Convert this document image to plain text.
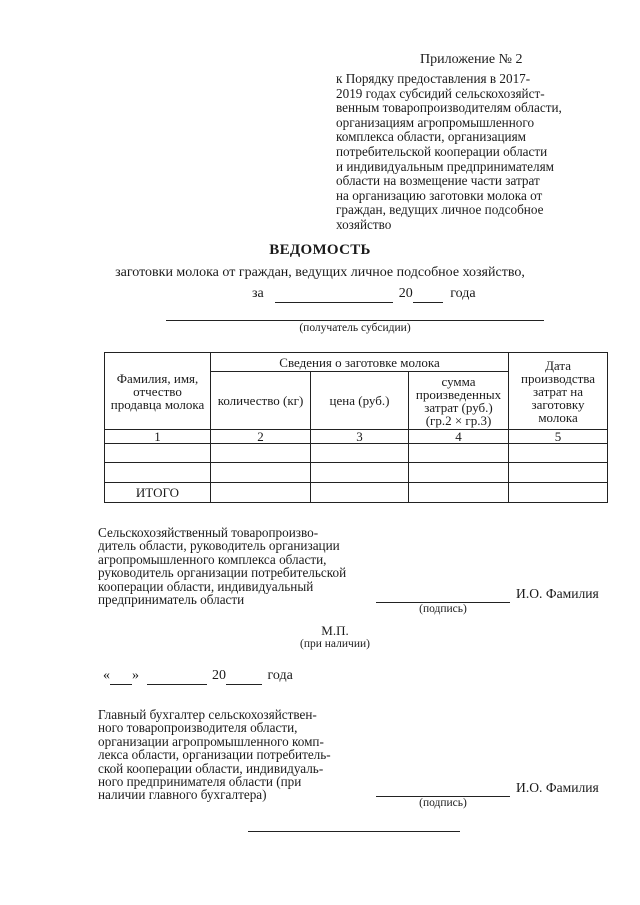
Приложение № 2
к Порядку предоставления в 2017-
2019 годах субсидий сельскохозяйст-
венным товаропроизводителям области,
организациям агропромышленного
комплекса области, организациям
потребительской кооперации области
и индивидуальным предпринимателям
области на возмещение части затрат
на организацию заготовки молока от
граждан, ведущих личное подсобное
хозяйство
ВЕДОМОСТЬ
заготовки молока от граждан, ведущих личное подсобное хозяйство,
за	20	года
(получатель субсидии)
Фамилия, имя, отчество продавца молока	Сведения о заготовке молока			Дата производства затрат на заготовку молока
	количество (кг)	цена (руб.)	сумма произведенных затрат (руб.) (гр.2 × гр.3)	
1	2	3	4	5

ИТОГО				
Сельскохозяйственный товаропроизво-
дитель области, руководитель организации
агропромышленного комплекса области,
руководитель организации потребительской
кооперации области, индивидуальный
предприниматель области
(подпись)
И.О. Фамилия
М.П.
(при наличии)
« »	20	года
Главный бухгалтер сельскохозяйствен-
ного товаропроизводителя области,
организации агропромышленного комп-
лекса области, организации потребитель-
ской кооперации области, индивидуаль-
ного предпринимателя области (при
наличии главного бухгалтера)
(подпись)
И.О. Фамилия
